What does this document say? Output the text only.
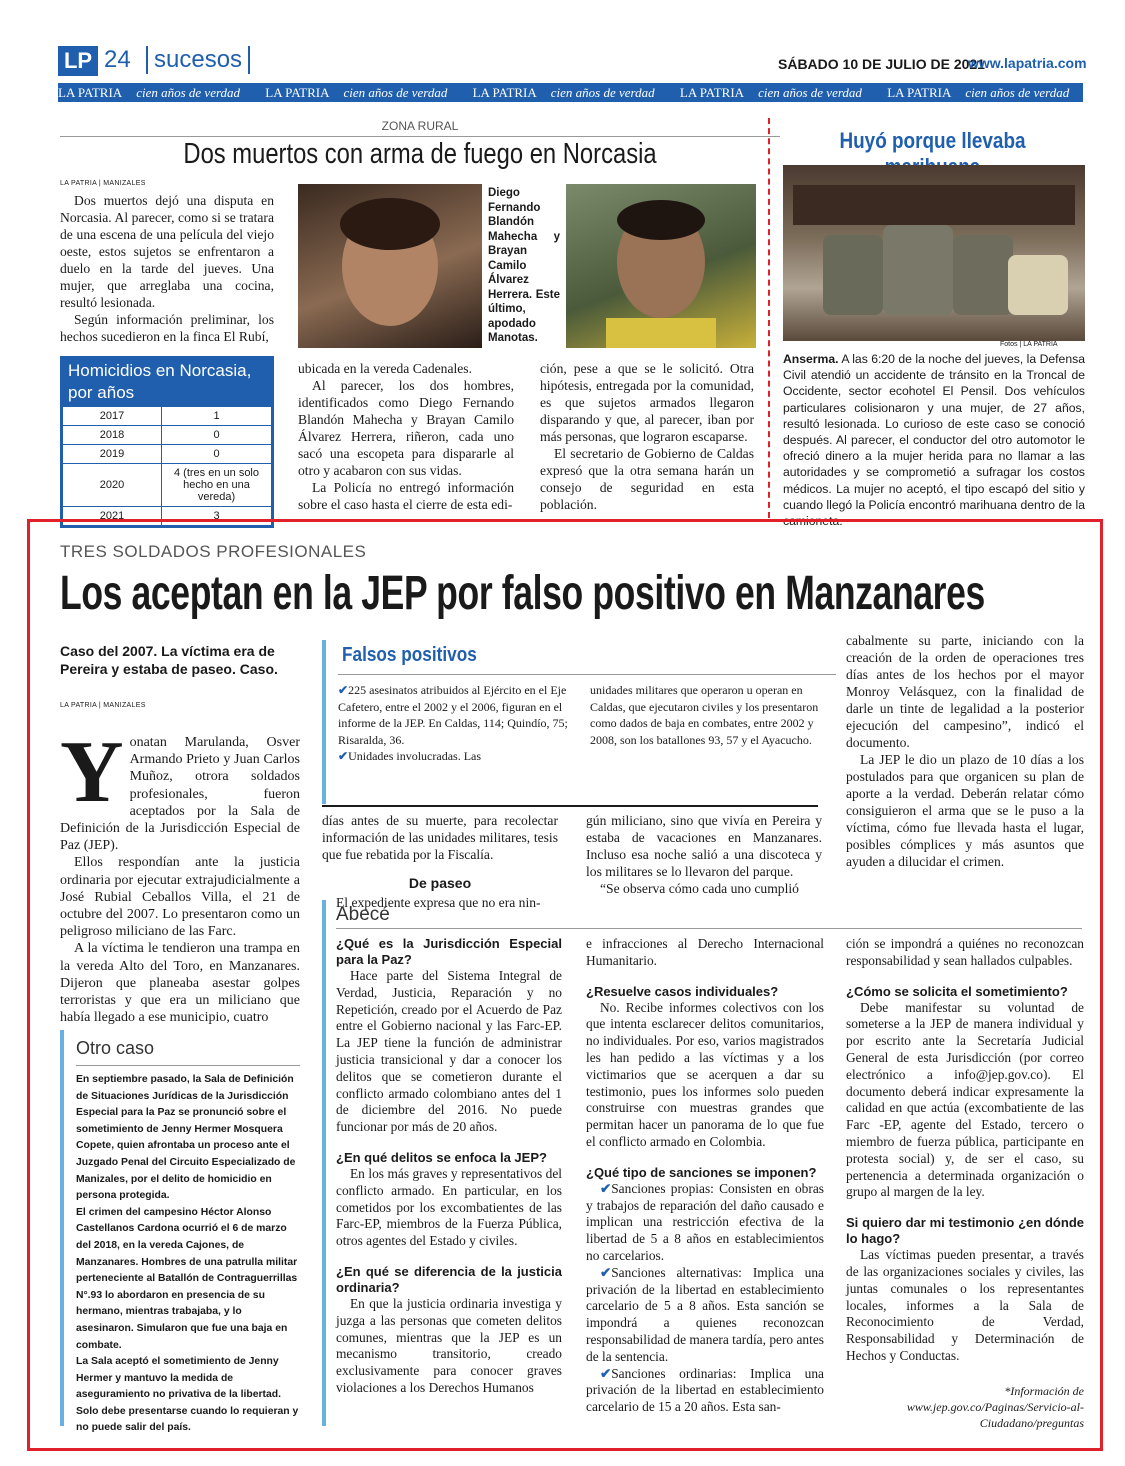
LP 24 sucesos	SÁBADO 10 DE JULIO DE 2021
www.lapatria.com
LA PATRIA cien años de verdad LA PATRIA cien años de verdad LA PATRIA cien años de verdad LA PATRIA cien años de verdad LA PATRIA cien años de verdad
ZONA RURAL
Dos muertos con arma de fuego en Norcasia
LA PATRIA | MANIZALES

Dos muertos dejó una disputa en Norcasia. Al parecer, como si se tratara de una escena de una película del viejo oeste, estos sujetos se enfrentaron a duelo en la tarde del jueves. Una mujer, que arreglaba una cocina, resultó lesionada.

Según información preliminar, los hechos sucedieron en la finca El Rubí,

Diego Fernando Blandón Mahecha y Brayan Camilo Álvarez Herrera. Este último, apodado Manotas.

ubicada en la vereda Cadenales.

Al parecer, los dos hombres, identificados como Diego Fernando Blandón Mahecha y Brayan Camilo Álvarez Herrera, riñeron, cada uno sacó una escopeta para dispararle al otro y acabaron con sus vidas.

La Policía no entregó información sobre el caso hasta el cierre de esta edi-

ción, pese a que se le solicitó. Otra hipótesis, entregada por la comunidad, es que sujetos armados llegaron disparando y que, al parecer, iban por más personas, que lograron escaparse.

El secretario de Gobierno de Caldas expresó que la otra semana harán un consejo de seguridad en esta población.

Homicidios en Norcasia, por años
2017	1
2018	0
2019	0
2020	4 (tres en un solo hecho en una vereda)
2021	3
Huyó porque llevaba
Fotos | LA PATRIA
Anserma. A las 6:20 de la noche del jueves, la Defensa Civil atendió un accidente de tránsito en la Troncal de Occidente, sector ecohotel El Pensil. Dos vehículos particulares colisionaron y una mujer, de 27 años, resultó lesionada. Lo curioso de este caso se conoció después. Al parecer, el conductor del otro automotor le ofreció dinero a la mujer herida para no llamar a las autoridades y se comprometió a sufragar los costos médicos. La mujer no aceptó, el tipo escapó del sitio y cuando llegó la Policía encontró marihuana dentro de la camioneta.
TRES SOLDADOS PROFESIONALES
Los aceptan en la JEP por falso positivo en Manzanares
Caso del 2007. La víctima era de Pereira y estaba de paseo. Caso.
LA PATRIA | MANIZALES
Y onatan Marulanda, Osver Armando Prieto y Juan Carlos Muñoz, otrora soldados profesionales, fueron aceptados por la Sala de Definición de la Jurisdicción Especial de Paz (JEP).

Ellos respondían ante la justicia ordinaria por ejecutar extrajudicialmente a José Rubial Ceballos Villa, el 21 de octubre del 2007. Lo presentaron como un peligroso miliciano de las Farc.

A la víctima le tendieron una trampa en la vereda Alto del Toro, en Manzanares. Dijeron que planeaba asestar golpes terroristas y que era un miliciano que había llegado a ese municipio, cuatro

Falsos positivos
✔225 asesinatos atribuidos al Ejército en el Eje Cafetero, entre el 2002 y el 2006, figuran en el informe de la JEP. En Caldas, 114; Quindío, 75; Risaralda, 36.
✔Unidades involucradas. Las
unidades militares que operaron u operan en Caldas, que ejecutaron civiles y los presentaron como dados de baja en combates, entre 2002 y 2008, son los batallones 93, 57 y el Ayacucho.

días antes de su muerte, para recolectar información de las unidades militares, tesis que fue rebatida por la Fiscalía.

De paseo

El expediente expresa que no era nin-

gún miliciano, sino que vivía en Pereira y estaba de vacaciones en Manzanares. Incluso esa noche salió a una discoteca y los militares se lo llevaron del parque.

“Se observa cómo cada uno cumplió

cabalmente su parte, iniciando con la creación de la orden de operaciones tres días antes de los hechos por el mayor Monroy Velásquez, con la finalidad de darle un tinte de legalidad a la posterior ejecución del campesino”, indicó el documento.

La JEP le dio un plazo de 10 días a los postulados para que organicen su plan de aporte a la verdad. Deberán relatar cómo consiguieron el arma que se le puso a la víctima, cómo fue llevada hasta el lugar, posibles cómplices y más asuntos que ayuden a dilucidar el crimen.

Otro caso
En septiembre pasado, la Sala de Definición de Situaciones Jurídicas de la Jurisdicción Especial para la Paz se pronunció sobre el sometimiento de Jenny Hermer Mosquera Copete, quien afrontaba un proceso ante el Juzgado Penal del Circuito Especializado de Manizales, por el delito de homicidio en persona protegida.
El crimen del campesino Héctor Alonso Castellanos Cardona ocurrió el 6 de marzo del 2018, en la vereda Cajones, de Manzanares. Hombres de una patrulla militar perteneciente al Batallón de Contraguerrillas N°.93 lo abordaron en presencia de su hermano, mientras trabajaba, y lo asesinaron. Simularon que fue una baja en combate.
La Sala aceptó el sometimiento de Jenny Hermer y mantuvo la medida de aseguramiento no privativa de la libertad. Solo debe presentarse cuando lo requieran y no puede salir del país.
Abecé
¿Qué es la Jurisdicción Especial para la Paz?

Hace parte del Sistema Integral de Verdad, Justicia, Reparación y no Repetición, creado por el Acuerdo de Paz entre el Gobierno nacional y las Farc-EP. La JEP tiene la función de administrar justicia transicional y dar a conocer los delitos que se cometieron durante el conflicto armado colombiano antes del 1 de diciembre del 2016. No puede funcionar por más de 20 años.

¿En qué delitos se enfoca la JEP?

En los más graves y representativos del conflicto armado. En particular, en los cometidos por los excombatientes de las Farc-EP, miembros de la Fuerza Pública, otros agentes del Estado y civiles.

¿En qué se diferencia de la justicia ordinaria?

En que la justicia ordinaria investiga y juzga a las personas que cometen delitos comunes, mientras que la JEP es un mecanismo transitorio, creado exclusivamente para conocer graves violaciones a los Derechos Humanos

e infracciones al Derecho Internacional Humanitario.

¿Resuelve casos individuales?

No. Recibe informes colectivos con los que intenta esclarecer delitos comunitarios, no individuales. Por eso, varios magistrados les han pedido a las víctimas y a los victimarios que se acerquen a dar su testimonio, pues los informes solo pueden construirse con muestras grandes que permitan hacer un panorama de lo que fue el conflicto armado en Colombia.

¿Qué tipo de sanciones se imponen?

✔Sanciones propias: Consisten en obras y trabajos de reparación del daño causado e implican una restricción efectiva de la libertad de 5 a 8 años en establecimientos no carcelarios.

✔Sanciones alternativas: Implica una privación de la libertad en establecimiento carcelario de 5 a 8 años. Esta sanción se impondrá a quienes reconozcan responsabilidad de manera tardía, pero antes de la sentencia.

✔Sanciones ordinarias: Implica una privación de la libertad en establecimiento carcelario de 15 a 20 años. Esta san-

ción se impondrá a quiénes no reconozcan responsabilidad y sean hallados culpables.

¿Cómo se solicita el sometimiento?

Debe manifestar su voluntad de someterse a la JEP de manera individual y por escrito ante la Secretaría Judicial General de esta Jurisdicción (por correo electrónico a info@jep.gov.co). El documento deberá indicar expresamente la calidad en que actúa (excombatiente de las Farc -EP, agente del Estado, tercero o miembro de fuerza pública, participante en protesta social) y, de ser el caso, su pertenencia a determinada organización o grupo al margen de la ley.

Si quiero dar mi testimonio ¿en dónde lo hago?

Las víctimas pueden presentar, a través de las organizaciones sociales y civiles, las juntas comunales o los representantes locales, informes a la Sala de Reconocimiento de Verdad, Responsabilidad y Determinación de Hechos y Conductas.

*Información de www.jep.gov.co/Paginas/Servicio-al-Ciudadano/preguntas
